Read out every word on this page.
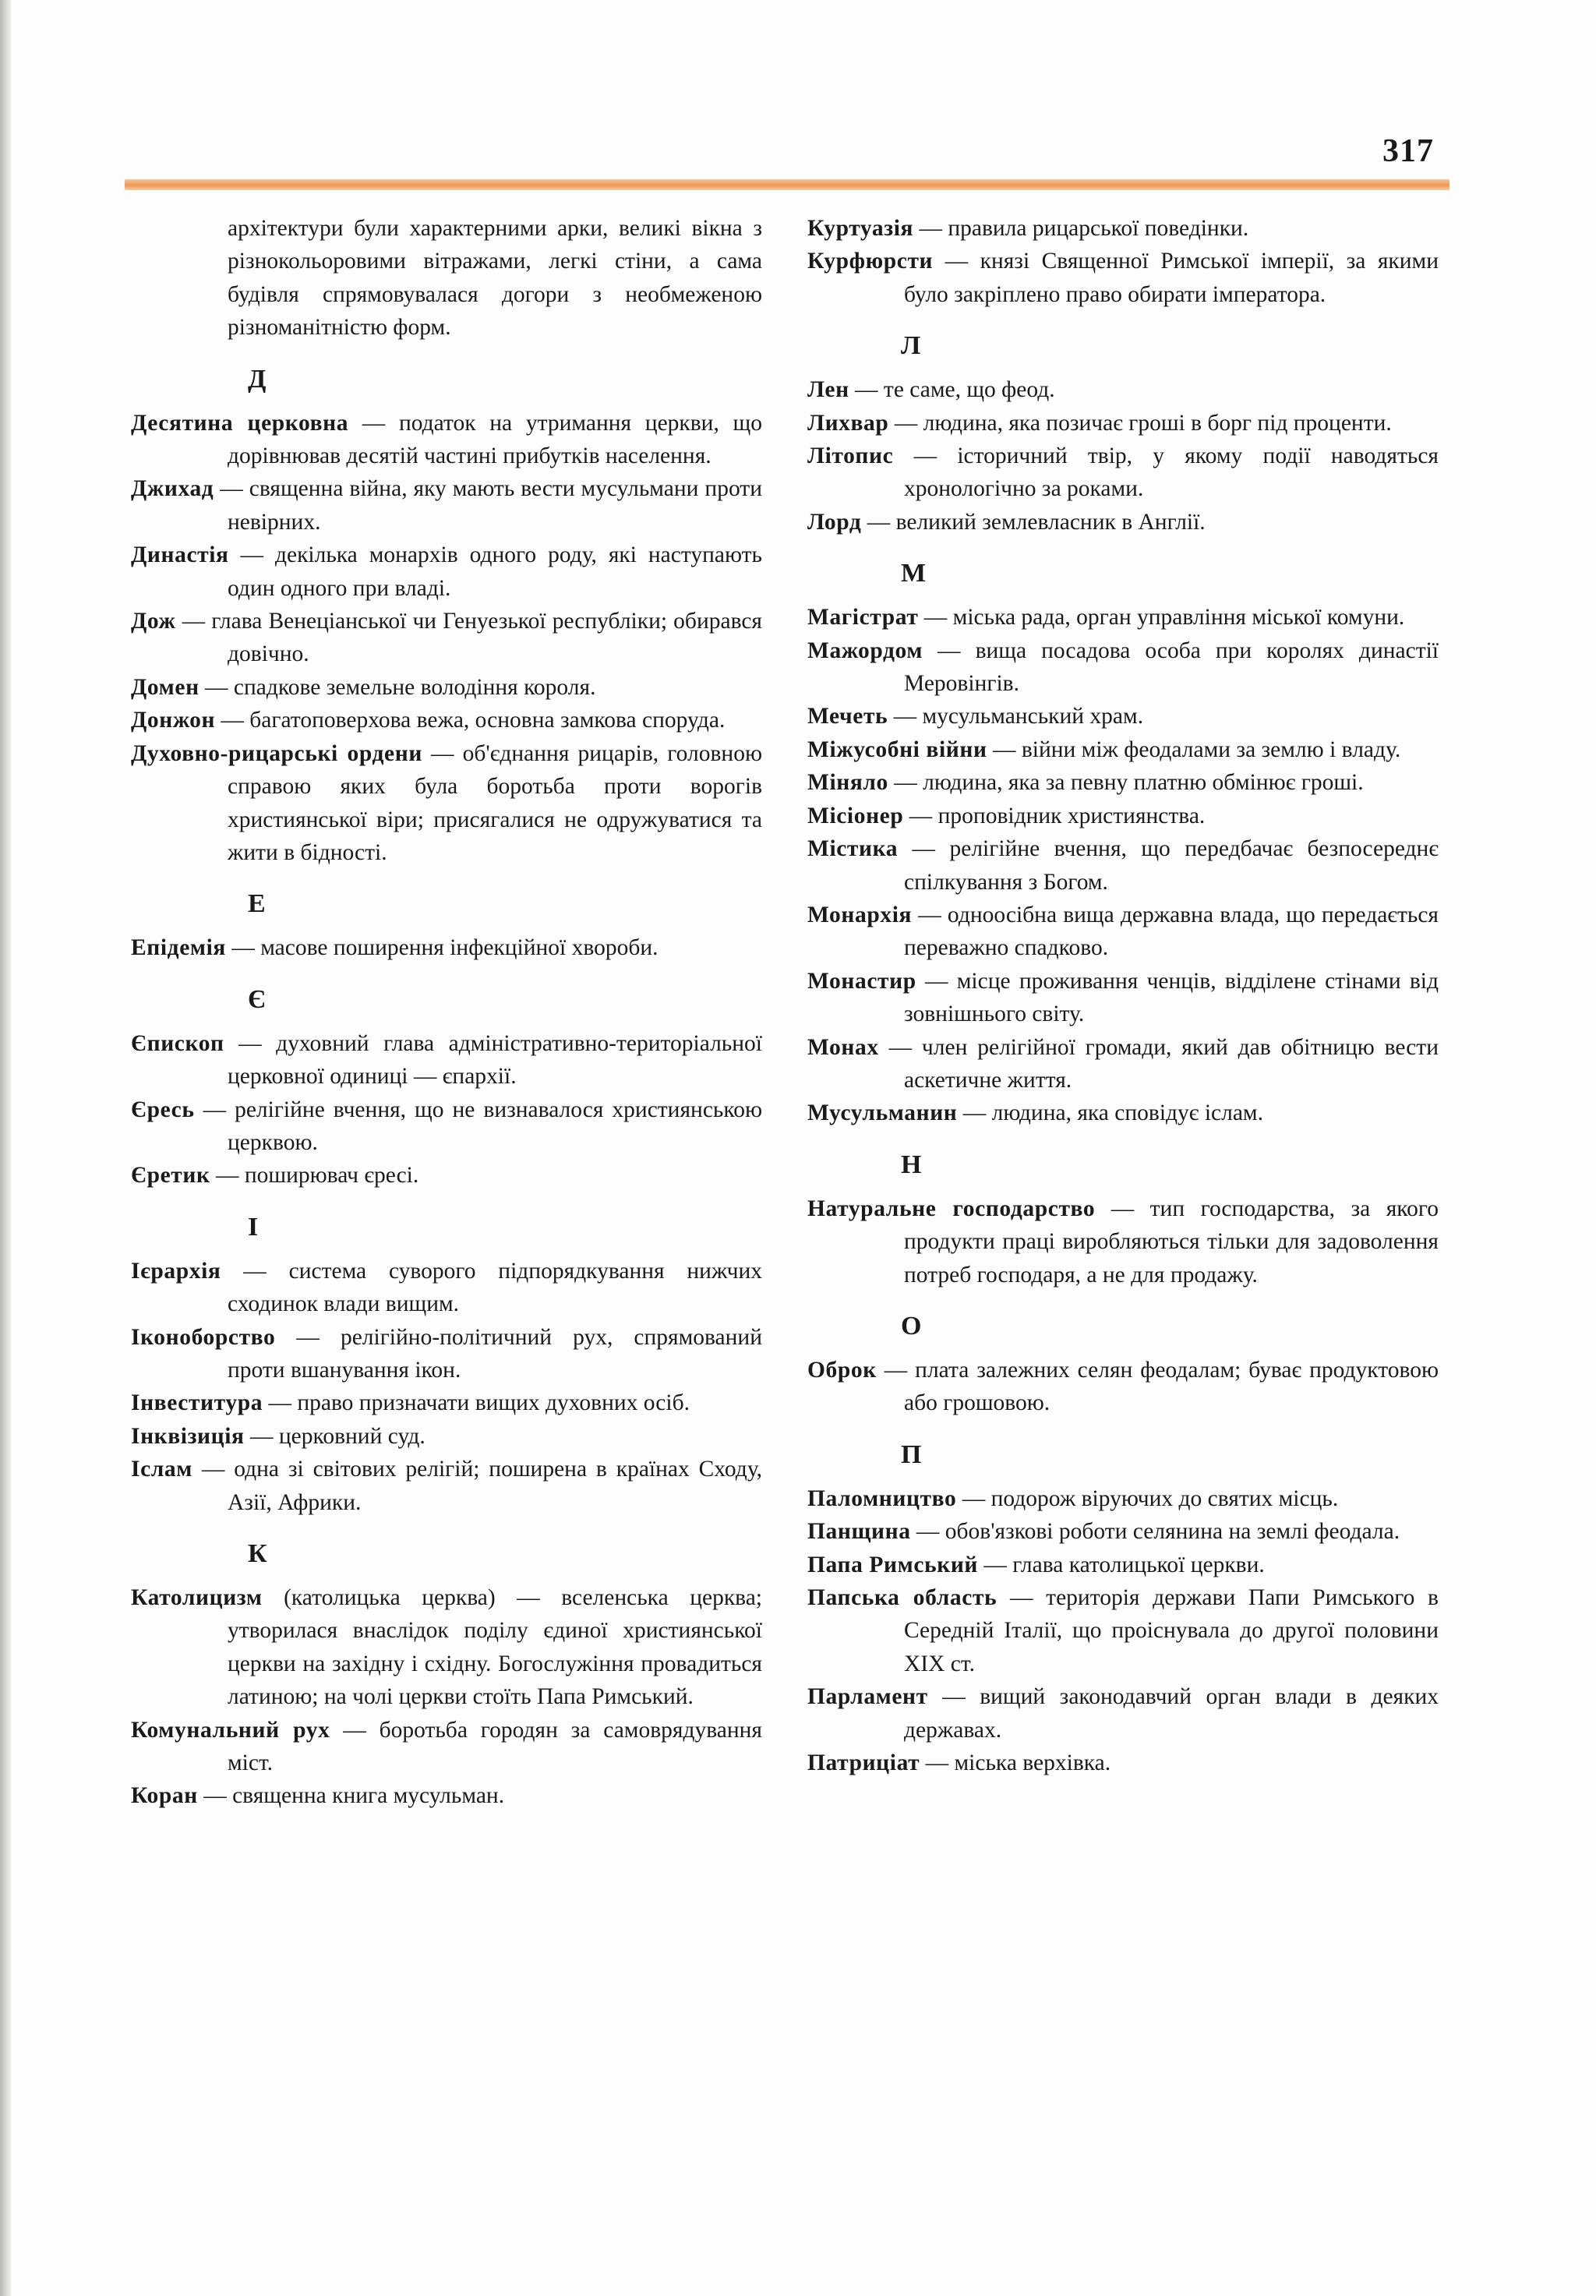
317
архітектури були характерними арки, великі вікна з різнокольоровими вітражами, легкі стіни, а сама будівля спрямовувалася догори з необмеженою різноманітністю форм.
Д
Десятина церковна — податок на утримання церкви, що дорівнював десятій частині прибутків населення.
Джихад — священна війна, яку мають вести мусульмани проти невірних.
Династія — декілька монархів одного роду, які наступають один одного при владі.
Дож — глава Венеціанської чи Генуезької республіки; обирався довічно.
Домен — спадкове земельне володіння короля.
Донжон — багатоповерхова вежа, основна замкова споруда.
Духовно-рицарські ордени — об'єднання рицарів, головною справою яких була боротьба проти ворогів християнської віри; присягалися не одружуватися та жити в бідності.
Е
Епідемія — масове поширення інфекційної хвороби.
Є
Єпископ — духовний глава адміністративно-територіальної церковної одиниці — єпархії.
Єресь — релігійне вчення, що не визнавалося християнською церквою.
Єретик — поширювач єресі.
І
Ієрархія — система суворого підпорядкування нижчих сходинок влади вищим.
Іконоборство — релігійно-політичний рух, спрямований проти вшанування ікон.
Інвеститура — право призначати вищих духовних осіб.
Інквізиція — церковний суд.
Іслам — одна зі світових релігій; поширена в країнах Сходу, Азії, Африки.
К
Католицизм (католицька церква) — вселенська церква; утворилася внаслідок поділу єдиної християнської церкви на західну і східну. Богослужіння провадиться латиною; на чолі церкви стоїть Папа Римський.
Комунальний рух — боротьба городян за самоврядування міст.
Коран — священна книга мусульман.
Куртуазія — правила рицарської поведінки.
Курфюрсти — князі Священної Римської імперії, за якими було закріплено право обирати імператора.
Л
Лен — те саме, що феод.
Лихвар — людина, яка позичає гроші в борг під проценти.
Літопис — історичний твір, у якому події наводяться хронологічно за роками.
Лорд — великий землевласник в Англії.
М
Магістрат — міська рада, орган управління міської комуни.
Мажордом — вища посадова особа при королях династії Меровінгів.
Мечеть — мусульманський храм.
Міжусобні війни — війни між феодалами за землю і владу.
Міняло — людина, яка за певну платню обмінює гроші.
Місіонер — проповідник християнства.
Містика — релігійне вчення, що передбачає безпосереднє спілкування з Богом.
Монархія — одноосібна вища державна влада, що передається переважно спадково.
Монастир — місце проживання ченців, відділене стінами від зовнішнього світу.
Монах — член релігійної громади, який дав обітницю вести аскетичне життя.
Мусульманин — людина, яка сповідує іслам.
Н
Натуральне господарство — тип господарства, за якого продукти праці виробляються тільки для задоволення потреб господаря, а не для продажу.
О
Оброк — плата залежних селян феодалам; буває продуктовою або грошовою.
П
Паломництво — подорож віруючих до святих місць.
Панщина — обов'язкові роботи селянина на землі феодала.
Папа Римський — глава католицької церкви.
Папська область — територія держави Папи Римського в Середній Італії, що проіснувала до другої половини XIX ст.
Парламент — вищий законодавчий орган влади в деяких державах.
Патриціат — міська верхівка.
